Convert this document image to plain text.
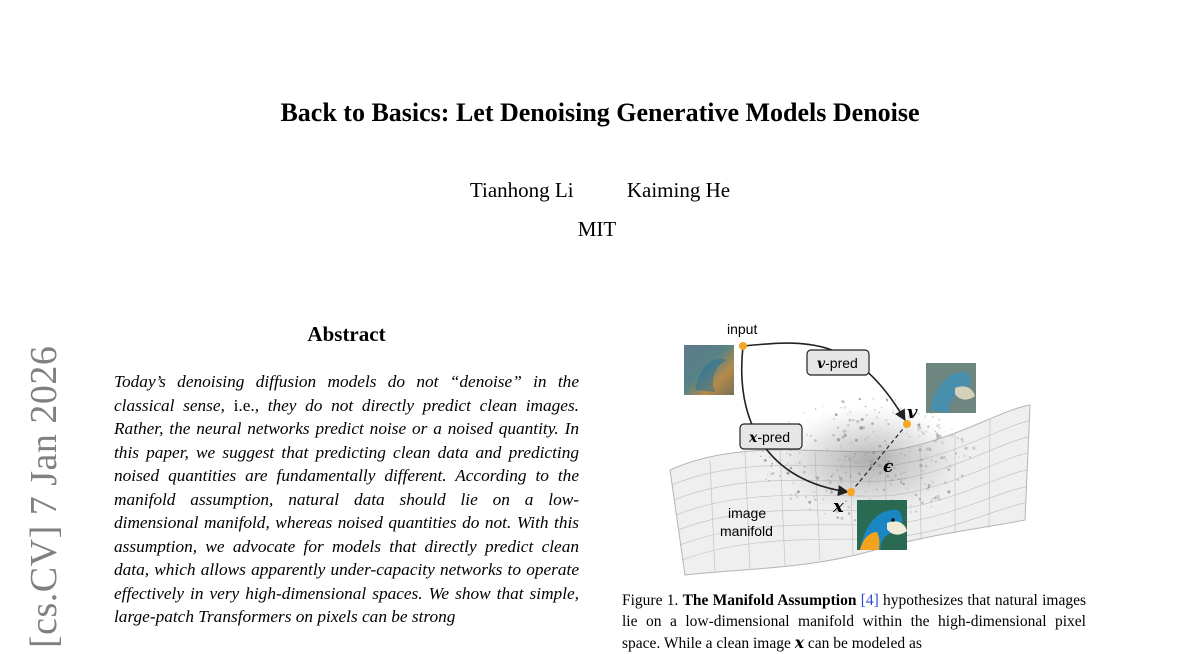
[cs.CV] 7 Jan 2026
Back to Basics: Let Denoising Generative Models Denoise
Tianhong Li	Kaiming He
MIT
Abstract
Today’s denoising diffusion models do not “denoise” in the classical sense, i.e., they do not directly predict clean images. Rather, the neural networks predict noise or a noised quantity. In this paper, we suggest that predicting clean data and predicting noised quantities are fundamentally different. According to the manifold assumption, natural data should lie on a low-dimensional manifold, whereas noised quantities do not. With this assumption, we advocate for models that directly predict clean data, which allows apparently under-capacity networks to operate effectively in very high-dimensional spaces. We show that simple, large-patch Transformers on pixels can be strong
input
v-pred
x-pred
v
x
ϵ
image
manifold
Figure 1. The Manifold Assumption [4] hypothesizes that natural images lie on a low-dimensional manifold within the high-dimensional pixel space. While a clean image x can be modeled as
